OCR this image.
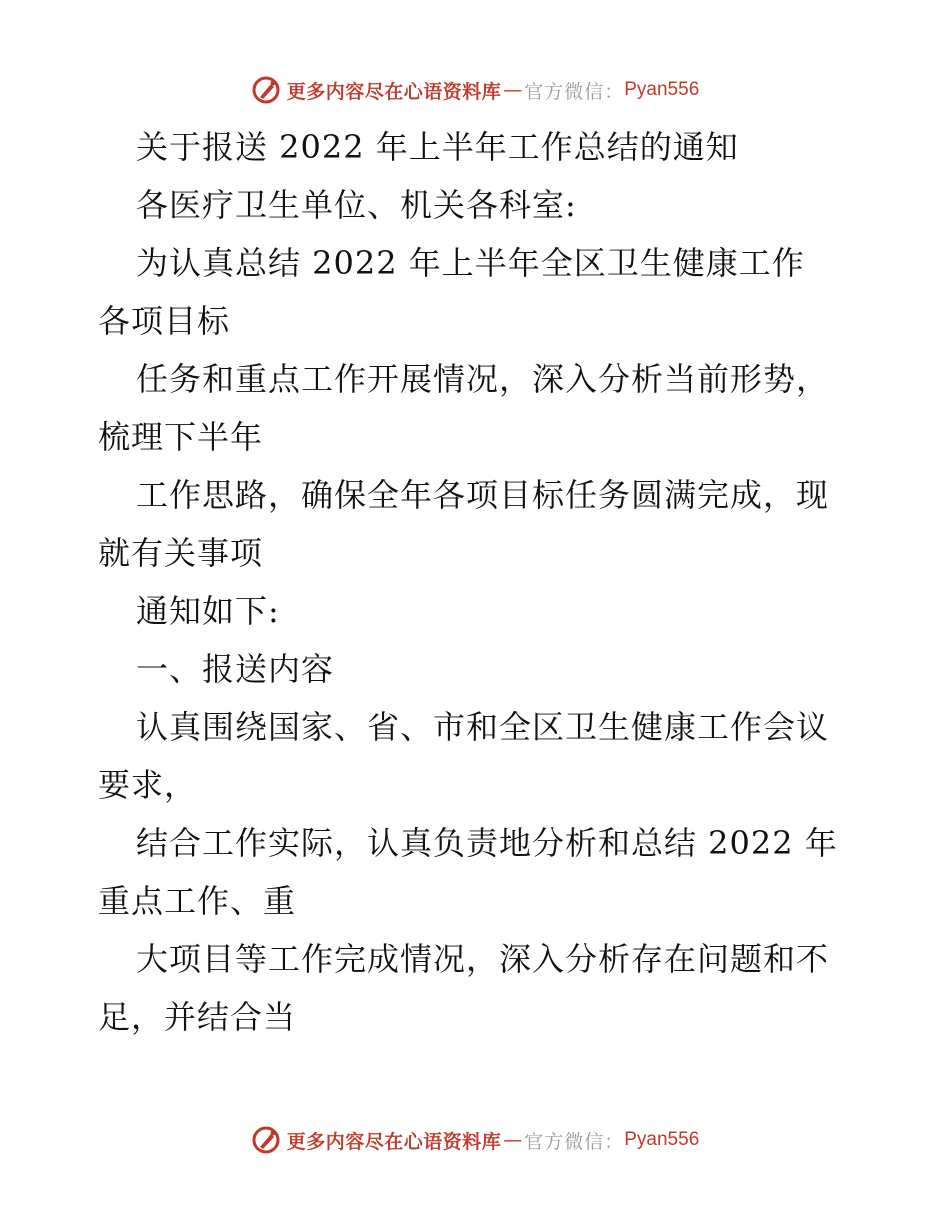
更多内容尽在心语资料库 — 官方微信： Pyan556
关于报送 2022 年上半年工作总结的通知
各医疗卫生单位、机关各科室:
为认真总结 2022 年上半年全区卫生健康工作
各项目标
任务和重点工作开展情况，深入分析当前形势，
梳理下半年
工作思路，确保全年各项目标任务圆满完成，现
就有关事项
通知如下:
一、报送内容
认真围绕国家、省、市和全区卫生健康工作会议
要求，
结合工作实际，认真负责地分析和总结 2022 年
重点工作、重
大项目等工作完成情况，深入分析存在问题和不
足，并结合当
更多内容尽在心语资料库 — 官方微信： Pyan556
